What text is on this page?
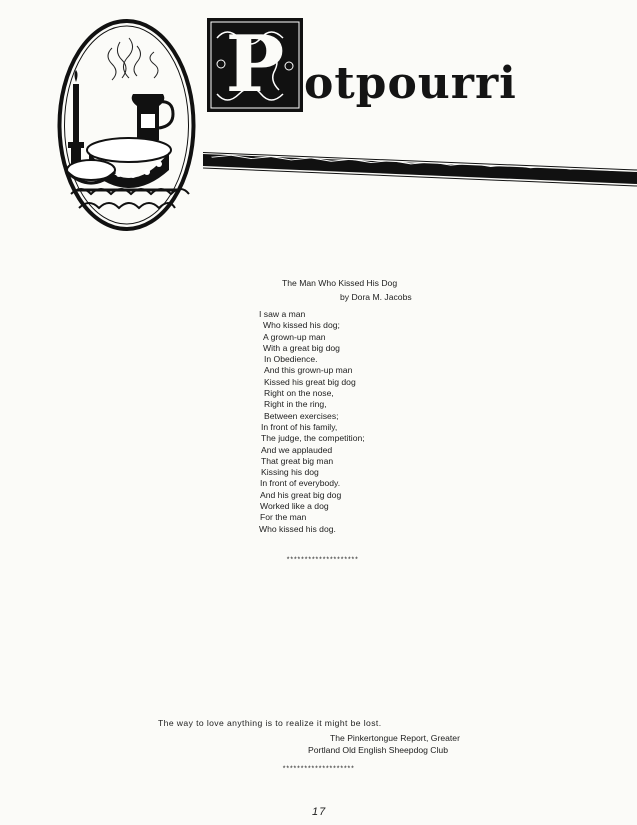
P otpourri
The Man Who Kissed His Dog
by Dora M. Jacobs
I saw a man
Who kissed his dog;
A grown-up man
With a great big dog
In Obedience.
And this grown-up man
Kissed his great big dog
Right on the nose,
Right in the ring,
Between exercises;
In front of his family,
The judge, the competition;
And we applauded
That great big man
Kissing his dog
In front of everybody.
And his great big dog
Worked like a dog
For the man
Who kissed his dog.
********************
The way to love anything is to realize it might be lost.
The Pinkertongue Report, Greater
Portland Old English Sheepdog Club
********************
17
